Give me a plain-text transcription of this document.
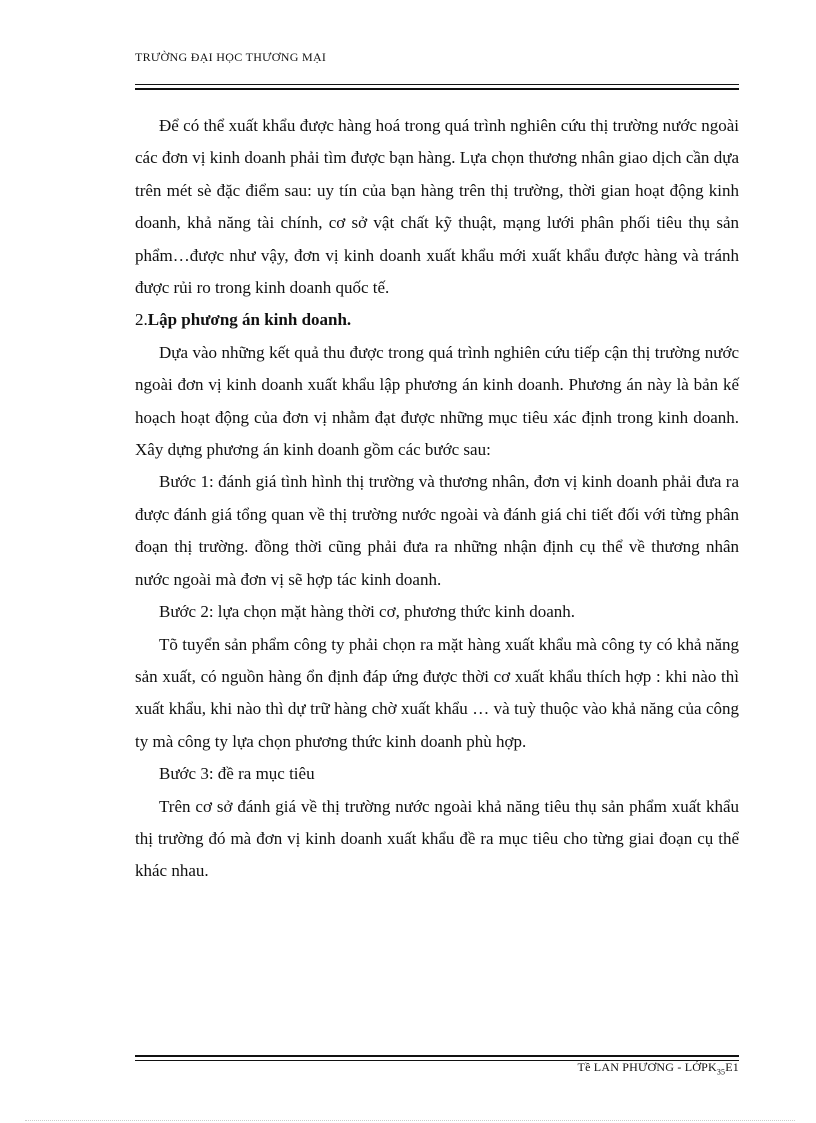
TRƯỜNG ĐẠI HỌC THƯƠNG MẠI

Để có thể xuất khẩu được hàng hoá trong quá trình nghiên cứu thị trường nước ngoài các đơn vị kinh doanh phải tìm được bạn hàng. Lựa chọn thương nhân giao dịch cần dựa trên mét sè đặc điểm sau: uy tín của bạn hàng trên thị trường, thời gian hoạt động kinh doanh, khả năng tài chính, cơ sở vật chất kỹ thuật, mạng lưới phân phối tiêu thụ sản phẩm…được như vậy, đơn vị kinh doanh xuất khẩu mới xuất khẩu được hàng và tránh được rủi ro trong kinh doanh quốc tế.

2.Lập phương án kinh doanh.

Dựa vào những kết quả thu được trong quá trình nghiên cứu tiếp cận thị trường nước ngoài đơn vị kinh doanh xuất khẩu lập phương án kinh doanh. Phương án này là bản kế hoạch hoạt động của đơn vị nhằm đạt được những mục tiêu xác định trong kinh doanh. Xây dựng phương án kinh doanh gồm các bước sau:

Bước 1: đánh giá tình hình thị trường và thương nhân, đơn vị kinh doanh phải đưa ra được đánh giá tổng quan về thị trường nước ngoài và đánh giá chi tiết đối với từng phân đoạn thị trường. đồng thời cũng phải đưa ra những nhận định cụ thể về thương nhân nước ngoài mà đơn vị sẽ hợp tác kinh doanh.

Bước 2: lựa chọn mặt hàng thời cơ, phương thức kinh doanh.

Tõ tuyển sản phẩm công ty phải chọn ra mặt hàng xuất khẩu mà công ty có khả năng sản xuất, có nguồn hàng ổn định đáp ứng được thời cơ xuất khẩu thích hợp : khi nào thì xuất khẩu, khi nào thì dự trữ hàng chờ xuất khẩu … và tuỳ thuộc vào khả năng của công ty mà công ty lựa chọn phương thức kinh doanh phù hợp.

Bước 3: đề ra mục tiêu

Trên cơ sở đánh giá về thị trường nước ngoài khả năng tiêu thụ sản phẩm xuất khẩu thị trường đó mà đơn vị kinh doanh xuất khẩu đề ra mục tiêu cho từng giai đoạn cụ thể khác nhau.

Tề LAN PHƯƠNG - LỚPK$_{35}$E1
